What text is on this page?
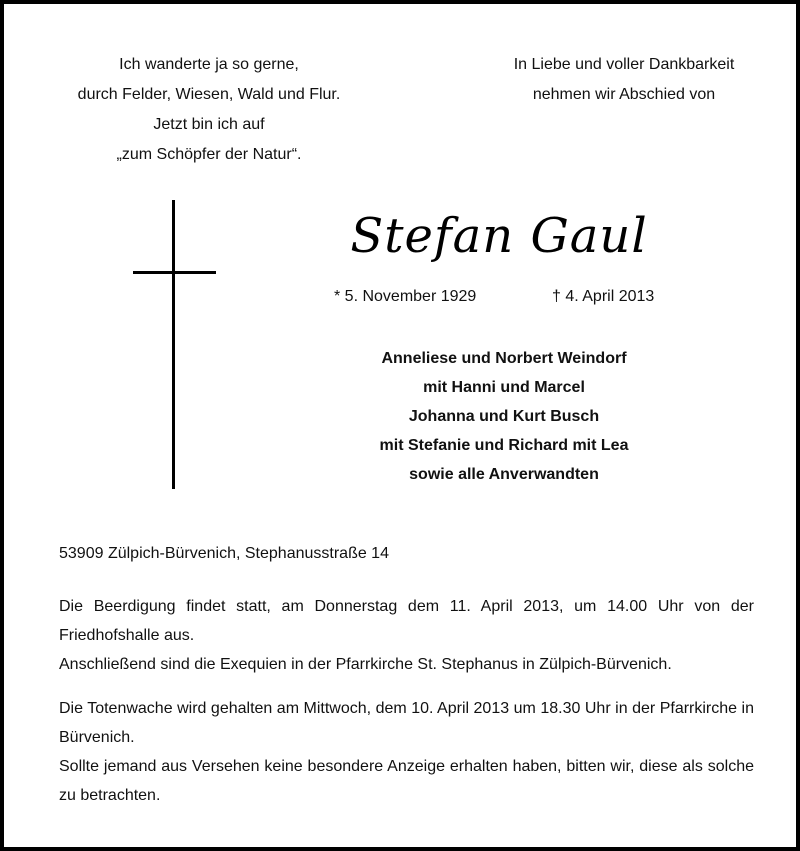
Ich wanderte ja so gerne,
durch Felder, Wiesen, Wald und Flur.
Jetzt bin ich auf
„zum Schöpfer der Natur“.
In Liebe und voller Dankbarkeit
nehmen wir Abschied von
Stefan Gaul
* 5. November 1929	† 4. April 2013
Anneliese und Norbert Weindorf
mit Hanni und Marcel
Johanna und Kurt Busch
mit Stefanie und Richard mit Lea
sowie alle Anverwandten
53909 Zülpich-Bürvenich, Stephanusstraße 14
Die Beerdigung findet statt, am Donnerstag dem 11. April 2013, um 14.00 Uhr von der Friedhofshalle aus.
Anschließend sind die Exequien in der Pfarrkirche St. Stephanus in Zülpich-Bürvenich.
Die Totenwache wird gehalten am Mittwoch, dem 10. April 2013 um 18.30 Uhr in der Pfarrkirche in Bürvenich.
Sollte jemand aus Versehen keine besondere Anzeige erhalten haben, bitten wir, diese als solche zu betrachten.
